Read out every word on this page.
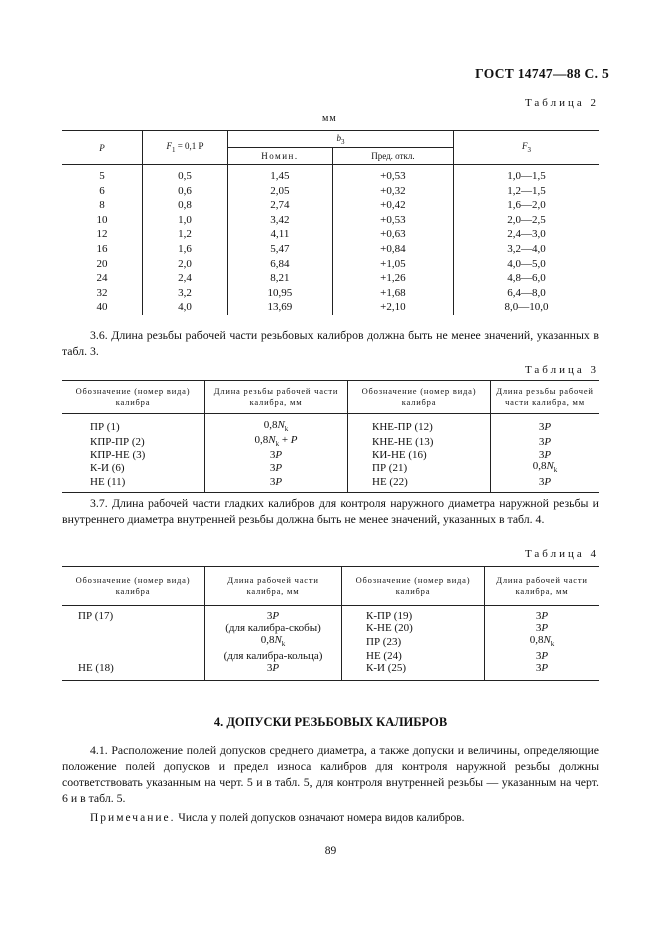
ГОСТ 14747—88 С. 5
Таблица 2
мм
P	$F_1 = 0,1$ P	$b_3$		$F_3$
		Номин.	Пред. откл.	
5	0,5	1,45	+0,53	1,0—1,5
6	0,6	2,05	+0,32	1,2—1,5
8	0,8	2,74	+0,42	1,6—2,0
10	1,0	3,42	+0,53	2,0—2,5
12	1,2	4,11	+0,63	2,4—3,0
16	1,6	5,47	+0,84	3,2—4,0
20	2,0	6,84	+1,05	4,0—5,0
24	2,4	8,21	+1,26	4,8—6,0
32	3,2	10,95	+1,68	6,4—8,0
40	4,0	13,69	+2,10	8,0—10,0
3.6. Длина резьбы рабочей части резьбовых калибров должна быть не менее значений, указанных в табл. 3.
Таблица 3
Обозначение (номер вида) калибра	Длина резьбы рабочей части калибра, мм	Обозначение (номер вида) калибра	Длина резьбы рабочей части калибра, мм
ПР (1)	$0,8N_k$	КНЕ-ПР (12)	3P
КПР-ПР (2)	$0,8N_k + P$	КНЕ-НЕ (13)	3P
КПР-НЕ (3)	3P	КИ-НЕ (16)	3P
К-И (6)	3P	ПР (21)	$0,8N_k$
НЕ (11)	3P	НЕ (22)	3P
3.7. Длина рабочей части гладких калибров для контроля наружного диаметра наружной резьбы и внутреннего диаметра внутренней резьбы должна быть не менее значений, указанных в табл. 4.
Таблица 4
Обозначение (номер вида) калибра	Длина рабочей части калибра, мм	Обозначение (номер вида) калибра	Длина рабочей части калибра, мм
ПР (17)	3P	К-ПР (19)	3P
	(для калибра-скобы)	К-НЕ (20)	3P
	$0,8N_k$	ПР (23)	$0,8N_k$
	(для калибра-кольца)	НЕ (24)	3P
НЕ (18)	3P	К-И (25)	3P
4. ДОПУСКИ РЕЗЬБОВЫХ КАЛИБРОВ
4.1. Расположение полей допусков среднего диаметра, а также допуски и величины, определяющие положение полей допусков и предел износа калибров для контроля наружной резьбы должны соответствовать указанным на черт. 5 и в табл. 5, для контроля внутренней резьбы — указанным на черт. 6 и в табл. 5.
Примечание. Числа у полей допусков означают номера видов калибров.
89
